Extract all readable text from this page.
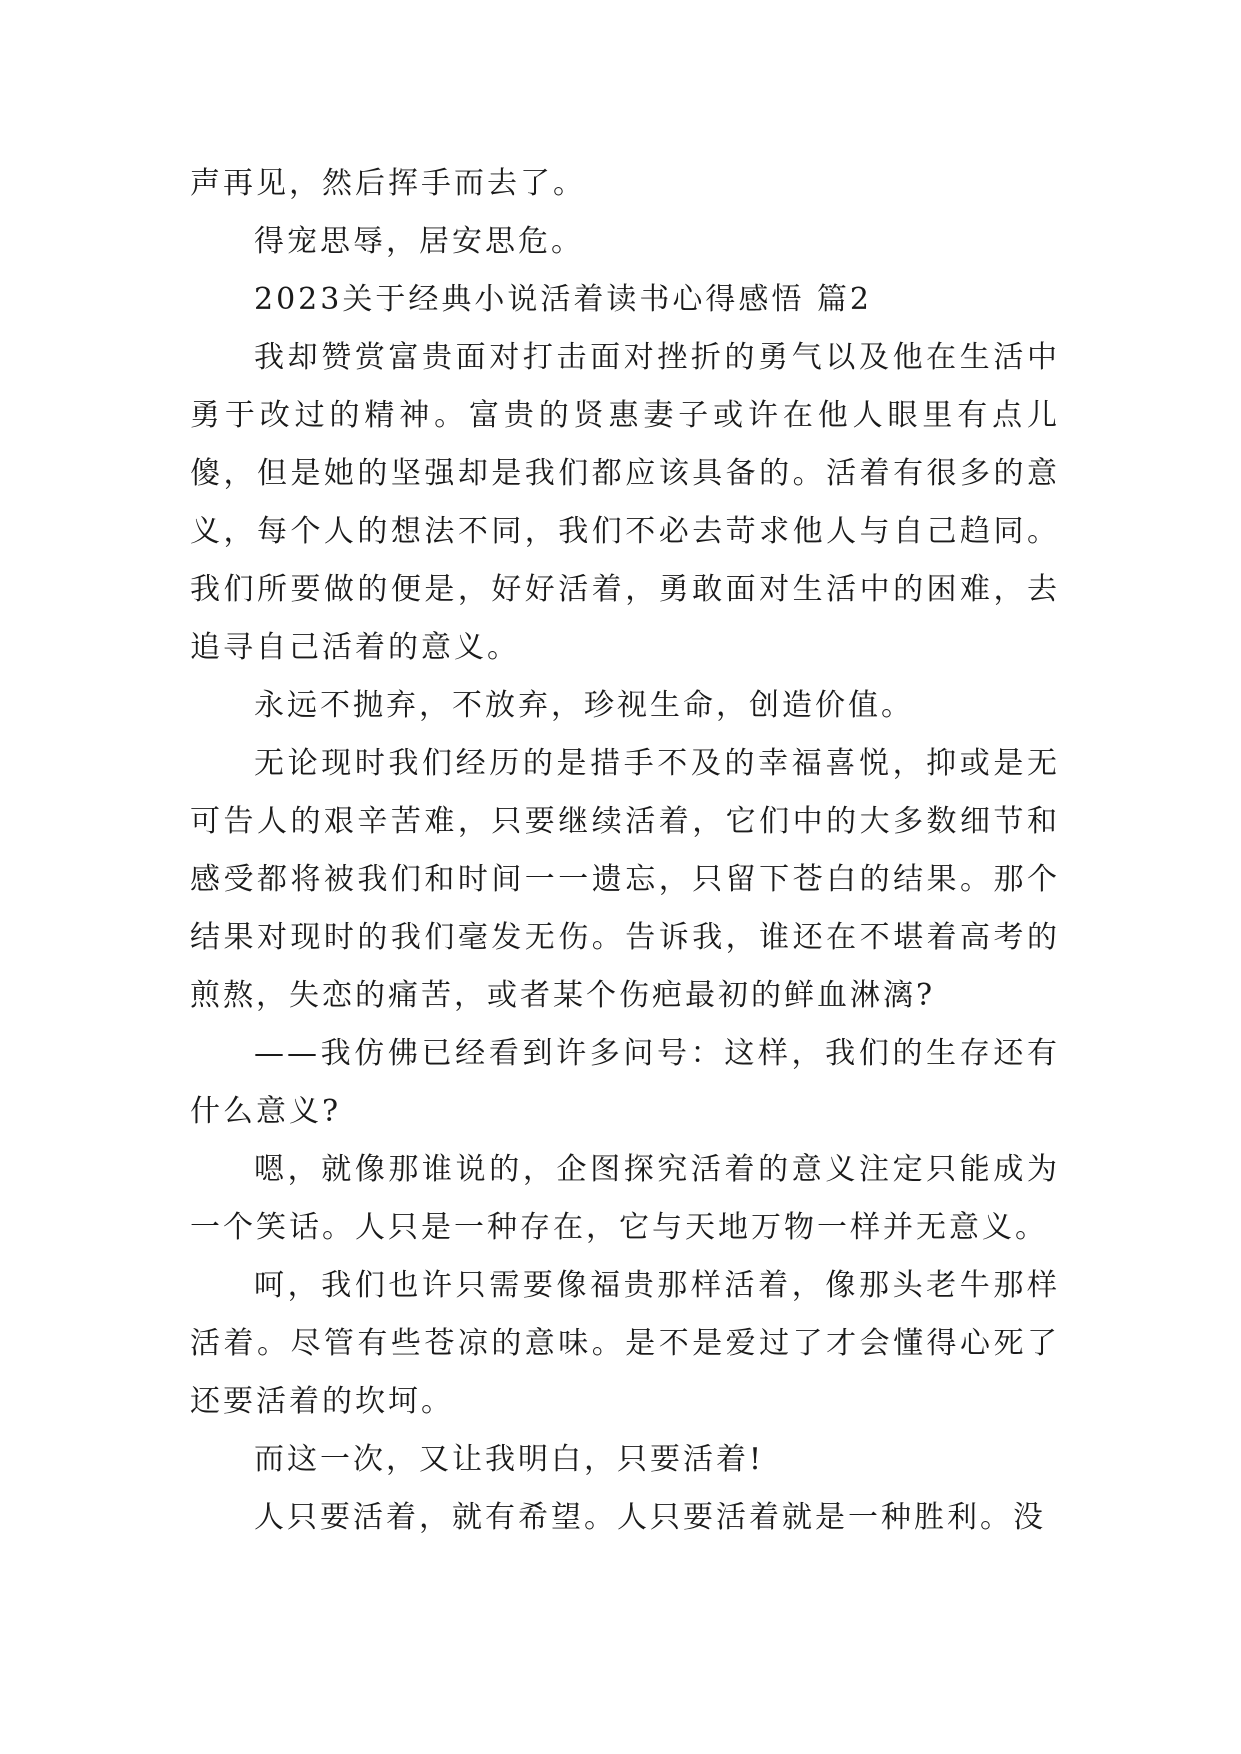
声再见，然后挥手而去了。

得宠思辱，居安思危。

2023关于经典小说活着读书心得感悟 篇2

我却赞赏富贵面对打击面对挫折的勇气以及他在生活中勇于改过的精神。富贵的贤惠妻子或许在他人眼里有点儿傻，但是她的坚强却是我们都应该具备的。活着有很多的意义，每个人的想法不同，我们不必去苛求他人与自己趋同。我们所要做的便是，好好活着，勇敢面对生活中的困难，去追寻自己活着的意义。

永远不抛弃，不放弃，珍视生命，创造价值。

无论现时我们经历的是措手不及的幸福喜悦，抑或是无可告人的艰辛苦难，只要继续活着，它们中的大多数细节和感受都将被我们和时间一一遗忘，只留下苍白的结果。那个结果对现时的我们毫发无伤。告诉我，谁还在不堪着高考的煎熬，失恋的痛苦，或者某个伤疤最初的鲜血淋漓?

——我仿佛已经看到许多问号：这样，我们的生存还有什么意义?

嗯，就像那谁说的，企图探究活着的意义注定只能成为一个笑话。人只是一种存在，它与天地万物一样并无意义。

呵，我们也许只需要像福贵那样活着，像那头老牛那样活着。尽管有些苍凉的意味。是不是爱过了才会懂得心死了还要活着的坎坷。

而这一次，又让我明白，只要活着!

人只要活着，就有希望。人只要活着就是一种胜利。没
